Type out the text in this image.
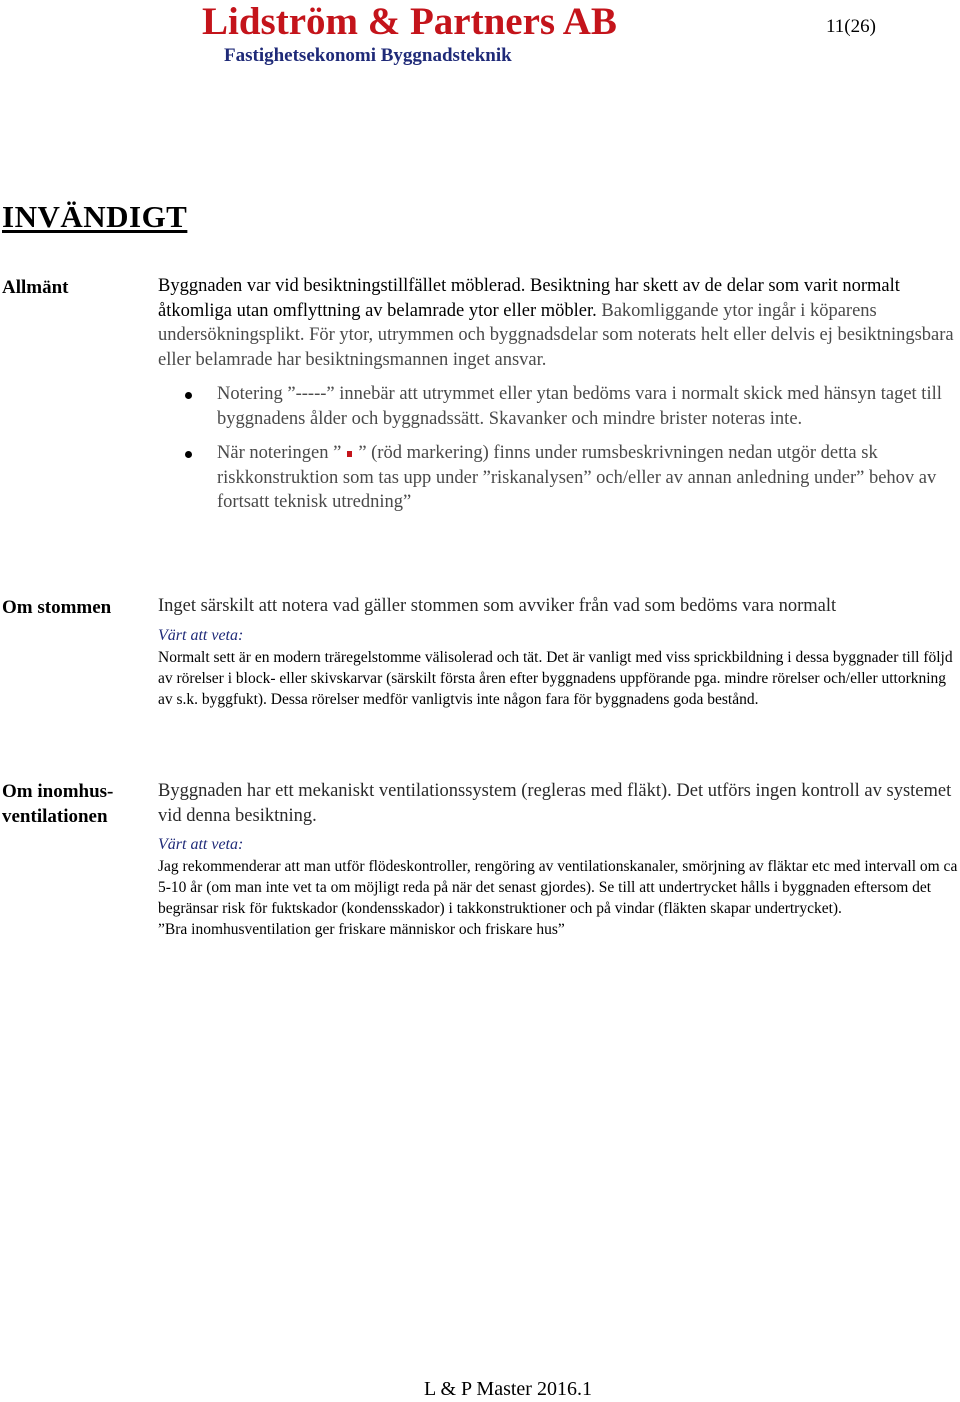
Lidström & Partners AB
Fastighetsekonomi Byggnadsteknik
11(26)
INVÄNDIGT
Allmänt	Byggnaden var vid besiktningstillfället möblerad. Besiktning har skett av de delar som varit normalt åtkomliga utan omflyttning av belamrade ytor eller möbler. Bakomliggande ytor ingår i köparens undersökningsplikt. För ytor, utrymmen och byggnadsdelar som noterats helt eller delvis ej besiktningsbara eller belamrade har besiktningsmannen inget ansvar.

Notering ”-----” innebär att utrymmet eller ytan bedöms vara i normalt skick med hänsyn taget till byggnadens ålder och byggnadssätt. Skavanker och mindre brister noteras inte.
När noteringen ” ” (röd markering) finns under rumsbeskrivningen nedan utgör detta sk riskkonstruktion som tas upp under ”riskanalysen” och/eller av annan anledning under” behov av fortsatt teknisk utredning”
Om stommen	Inget särskilt att notera vad gäller stommen som avviker från vad som bedöms vara normalt

Värt att veta:

Normalt sett är en modern träregelstomme välisolerad och tät. Det är vanligt med viss sprickbildning i dessa byggnader till följd av rörelser i block- eller skivskarvar (särskilt första åren efter byggnadens uppförande pga. mindre rörelser och/eller uttorkning av s.k. byggfukt). Dessa rörelser medför vanligtvis inte någon fara för byggnadens goda bestånd.

Om inomhus-
ventilationen

Byggnaden har ett mekaniskt ventilationssystem (regleras med fläkt). Det utförs ingen kontroll av systemet vid denna besiktning.

Värt att veta:

Jag rekommenderar att man utför flödeskontroller, rengöring av ventilationskanaler, smörjning av fläktar etc med intervall om ca 5-10 år (om man inte vet ta om möjligt reda på när det senast gjordes). Se till att undertrycket hålls i byggnaden eftersom det begränsar risk för fuktskador (kondensskador) i takkonstruktioner och på vindar (fläkten skapar undertrycket).

”Bra inomhusventilation ger friskare människor och friskare hus”

L & P Master 2016.1
